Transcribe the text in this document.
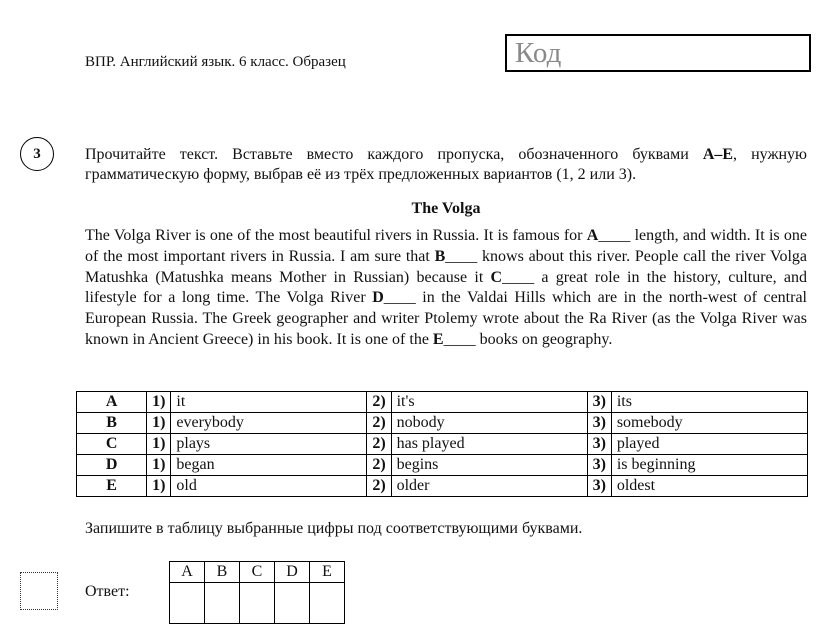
ВПР. Английский язык. 6 класс. Образец	Код
3	Прочитайте текст. Вставьте вместо каждого пропуска, обозначенного буквами A–E, нужную грамматическую форму, выбрав её из трёх предложенных вариантов (1, 2 или 3).
The Volga
The Volga River is one of the most beautiful rivers in Russia. It is famous for A____ length, and width. It is one of the most important rivers in Russia. I am sure that B____ knows about this river. People call the river Volga Matushka (Matushka means Mother in Russian) because it C____ a great role in the history, culture, and lifestyle for a long time. The Volga River D____ in the Valdai Hills which are in the north-west of central European Russia. The Greek geographer and writer Ptolemy wrote about the Ra River (as the Volga River was known in Ancient Greece) in his book. It is one of the E____ books on geography.
A	1)	it	2)	it's	3)	its
B	1)	everybody	2)	nobody	3)	somebody
C	1)	plays	2)	has played	3)	played
D	1)	began	2)	begins	3)	is beginning
E	1)	old	2)	older	3)	oldest
Запишите в таблицу выбранные цифры под соответствующими буквами.
Ответ:
A	B	C	D	E
